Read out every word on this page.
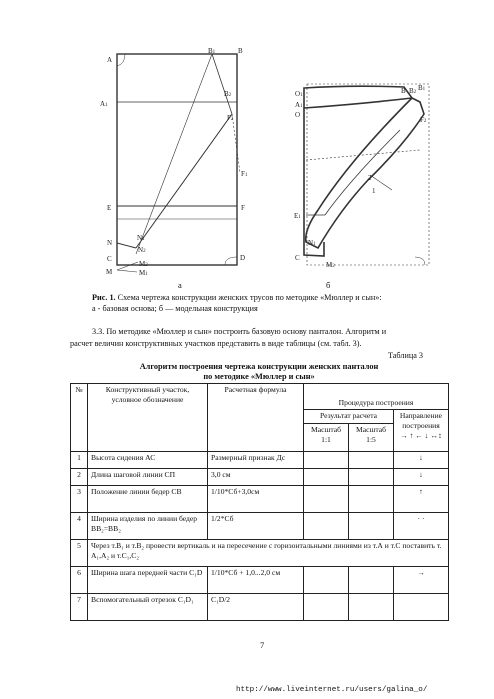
A
B1	B
B2
A1
F2
F1
E	F
N1
N
N2
C	D
M
M2
M1
O1
A1
O
B B2
B1
F2
2
1
E1
N1
C
M2
а	б
Рис. 1. Схема чертежа конструкции женских трусов по методике «Мюллер и сын»:
а - базовая основа; б — модельная конструкция
3.3. По методике «Мюллер и сын» построить базовую основу панталон. Алгоритм и
расчет величин конструктивных участков представить в виде таблицы (см. табл. 3).
Таблица 3
Алгоритм построения чертежа конструкции женских панталон
по методике «Мюллер и сын»
№	Конструктивный участок, условное обозначение	Расчетная формула	Процедура построения		
			Результат расчета		Направление построения
→ ↑ ← ↓ ↔↕

			Масштаб 1:1	Масштаб 1:5	
1	Высота сидения АС	Размерный признак Дс			↓
2	Длина шаговой линии СП	3,0 см			↓
3	Положение линии бедер СВ	1/10*Сб+3,0см			↑
4	Ширина изделия по линии бедер ВВ₂=ВВ₂	1/2*Сб			· ·
5	Через т.В₁ и т.В₂ провести вертикаль и на пересечение с горизонтальными линиями из т.А и т.С поставить т. А₁,А₂ и т.С₁,С₂				
6	Ширина шага передней части С₁D	1/10*Сб + 1,0...2,0 см			→
7	Вспомогательный отрезок С₁D₁	С₁D/2			
7
http://www.liveinternet.ru/users/galina_o/
